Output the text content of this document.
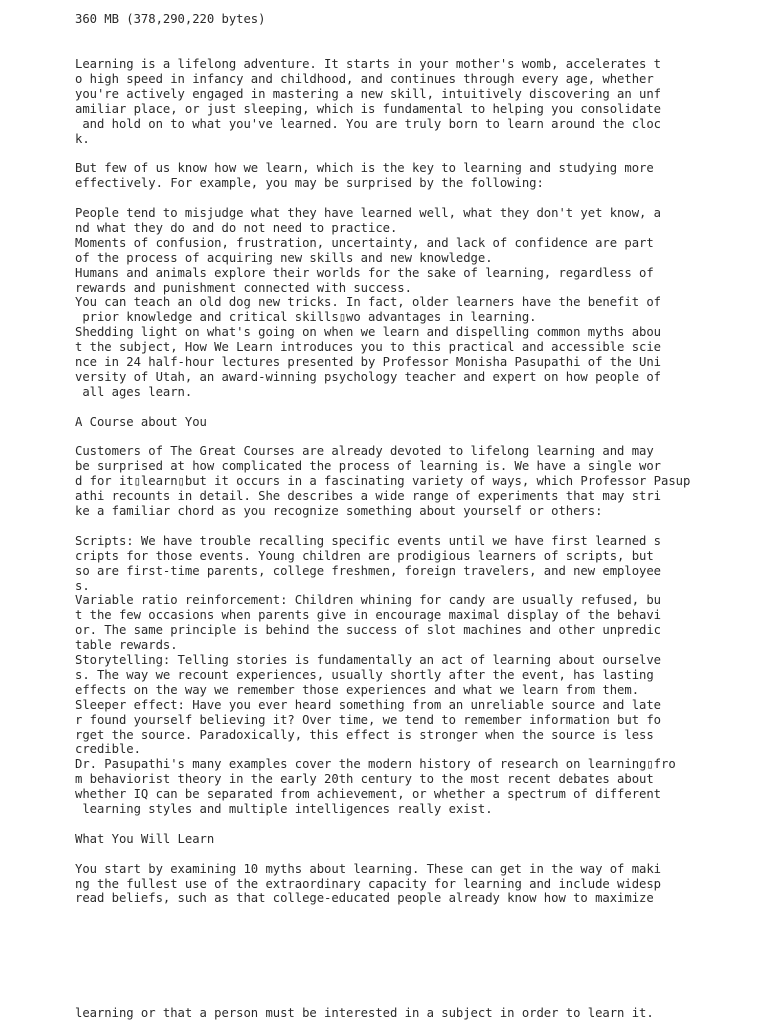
360 MB (378,290,220 bytes)
Learning is a lifelong adventure. It starts in your mother's womb, accelerates t
o high speed in infancy and childhood, and continues through every age, whether
you're actively engaged in mastering a new skill, intuitively discovering an unf
amiliar place, or just sleeping, which is fundamental to helping you consolidate
and hold on to what you've learned. You are truly born to learn around the cloc
k.
But few of us know how we learn, which is the key to learning and studying more
effectively. For example, you may be surprised by the following:
People tend to misjudge what they have learned well, what they don't yet know, a
nd what they do and do not need to practice.
Moments of confusion, frustration, uncertainty, and lack of confidence are part
of the process of acquiring new skills and new knowledge.
Humans and animals explore their worlds for the sake of learning, regardless of
rewards and punishment connected with success.
You can teach an old dog new tricks. In fact, older learners have the benefit of
prior knowledge and critical skills▯wo advantages in learning.
Shedding light on what's going on when we learn and dispelling common myths abou
t the subject, How We Learn introduces you to this practical and accessible scie
nce in 24 half-hour lectures presented by Professor Monisha Pasupathi of the Uni
versity of Utah, an award-winning psychology teacher and expert on how people of
all ages learn.
A Course about You
Customers of The Great Courses are already devoted to lifelong learning and may
be surprised at how complicated the process of learning is. We have a single wor
d for it▯learn▯but it occurs in a fascinating variety of ways, which Professor Pasup
athi recounts in detail. She describes a wide range of experiments that may stri
ke a familiar chord as you recognize something about yourself or others:
Scripts: We have trouble recalling specific events until we have first learned s
cripts for those events. Young children are prodigious learners of scripts, but
so are first-time parents, college freshmen, foreign travelers, and new employee
s.
Variable ratio reinforcement: Children whining for candy are usually refused, bu
t the few occasions when parents give in encourage maximal display of the behavi
or. The same principle is behind the success of slot machines and other unpredic
table rewards.
Storytelling: Telling stories is fundamentally an act of learning about ourselve
s. The way we recount experiences, usually shortly after the event, has lasting
effects on the way we remember those experiences and what we learn from them.
Sleeper effect: Have you ever heard something from an unreliable source and late
r found yourself believing it? Over time, we tend to remember information but fo
rget the source. Paradoxically, this effect is stronger when the source is less
credible.
Dr. Pasupathi's many examples cover the modern history of research on learning▯fro
m behaviorist theory in the early 20th century to the most recent debates about
whether IQ can be separated from achievement, or whether a spectrum of different
learning styles and multiple intelligences really exist.
What You Will Learn
You start by examining 10 myths about learning. These can get in the way of maki
ng the fullest use of the extraordinary capacity for learning and include widesp
read beliefs, such as that college-educated people already know how to maximize
learning or that a person must be interested in a subject in order to learn it.
